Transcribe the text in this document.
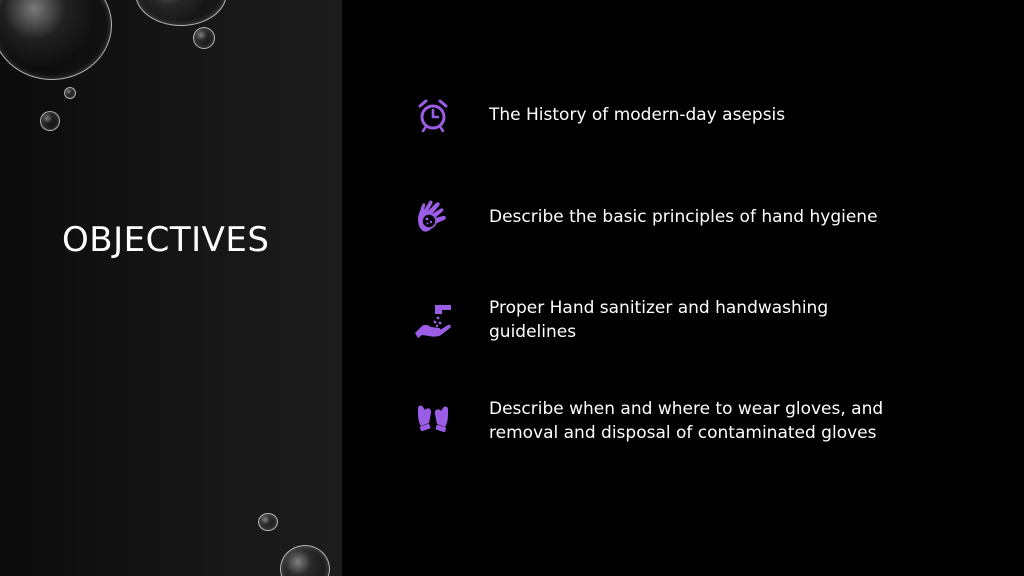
OBJECTIVES
The History of modern-day asepsis
Describe the basic principles of hand hygiene
Proper Hand sanitizer and handwashing guidelines
Describe when and where to wear gloves, and removal and disposal of contaminated gloves
